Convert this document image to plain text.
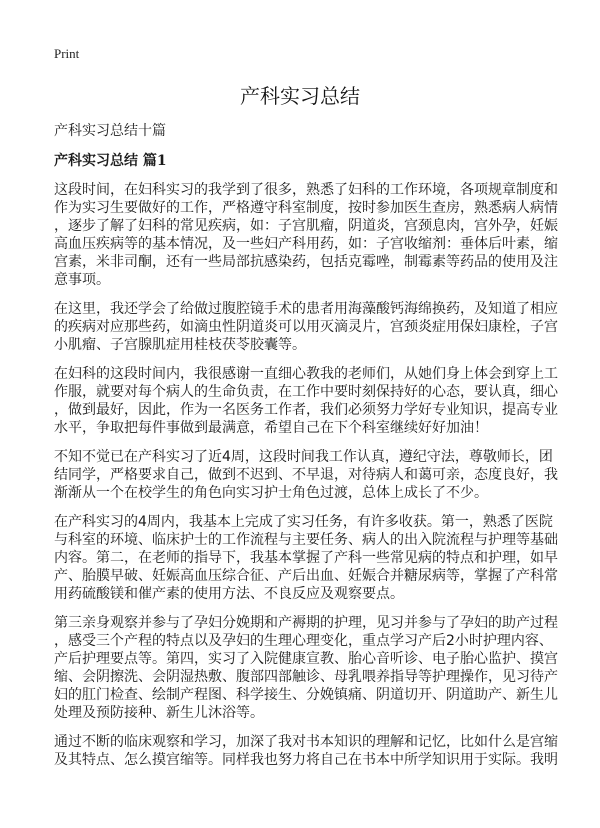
Print
产科实习总结
产科实习总结十篇
产科实习总结 篇1
这段时间，在妇科实习的我学到了很多，熟悉了妇科的工作环境，各项规章制度和
作为实习生要做好的工作，严格遵守科室制度，按时参加医生查房，熟悉病人病情
，逐步了解了妇科的常见疾病，如：子宫肌瘤，阴道炎，宫颈息肉，宫外孕，妊娠
高血压疾病等的基本情况，及一些妇产科用药，如：子宫收缩剂：垂体后叶素，缩
宫素，米非司酮，还有一些局部抗感染药，包括克霉唑，制霉素等药品的使用及注
意事项。
在这里，我还学会了给做过腹腔镜手术的患者用海藻酸钙海绵换药，及知道了相应
的疾病对应那些药，如滴虫性阴道炎可以用灭滴灵片，宫颈炎症用保妇康栓，子宫
小肌瘤、子宫腺肌症用桂枝茯苓胶囊等。
在妇科的这段时间内，我很感谢一直细心教我的老师们，从她们身上体会到穿上工
作服，就要对每个病人的生命负责，在工作中要时刻保持好的心态，要认真，细心
，做到最好，因此，作为一名医务工作者，我们必须努力学好专业知识，提高专业
水平，争取把每件事做到最满意，希望自己在下个科室继续好好加油！
不知不觉已在产科实习了近4周，这段时间我工作认真，遵纪守法，尊敬师长，团
结同学，严格要求自己，做到不迟到、不早退，对待病人和蔼可亲，态度良好，我
渐渐从一个在校学生的角色向实习护士角色过渡，总体上成长了不少。
在产科实习的4周内，我基本上完成了实习任务，有许多收获。第一，熟悉了医院
与科室的环境、临床护士的工作流程与主要任务、病人的出入院流程与护理等基础
内容。第二，在老师的指导下，我基本掌握了产科一些常见病的特点和护理，如早
产、胎膜早破、妊娠高血压综合征、产后出血、妊娠合并糖尿病等，掌握了产科常
用药硫酸镁和催产素的使用方法、不良反应及观察要点。
第三亲身观察并参与了孕妇分娩期和产褥期的护理，见习并参与了孕妇的助产过程
，感受三个产程的特点以及孕妇的生理心理变化，重点学习产后2小时护理内容、
产后护理要点等。第四，实习了入院健康宣教、胎心音听诊、电子胎心监护、摸宫
缩、会阴擦洗、会阴湿热敷、腹部四部触诊、母乳喂养指导等护理操作，见习待产
妇的肛门检查、绘制产程图、科学接生、分娩镇痛、阴道切开、阴道助产、新生儿
处理及预防接种、新生儿沐浴等。
通过不断的临床观察和学习，加深了我对书本知识的理解和记忆，比如什么是宫缩
及其特点、怎么摸宫缩等。同样我也努力将自己在书本中所学知识用于实际。我明
